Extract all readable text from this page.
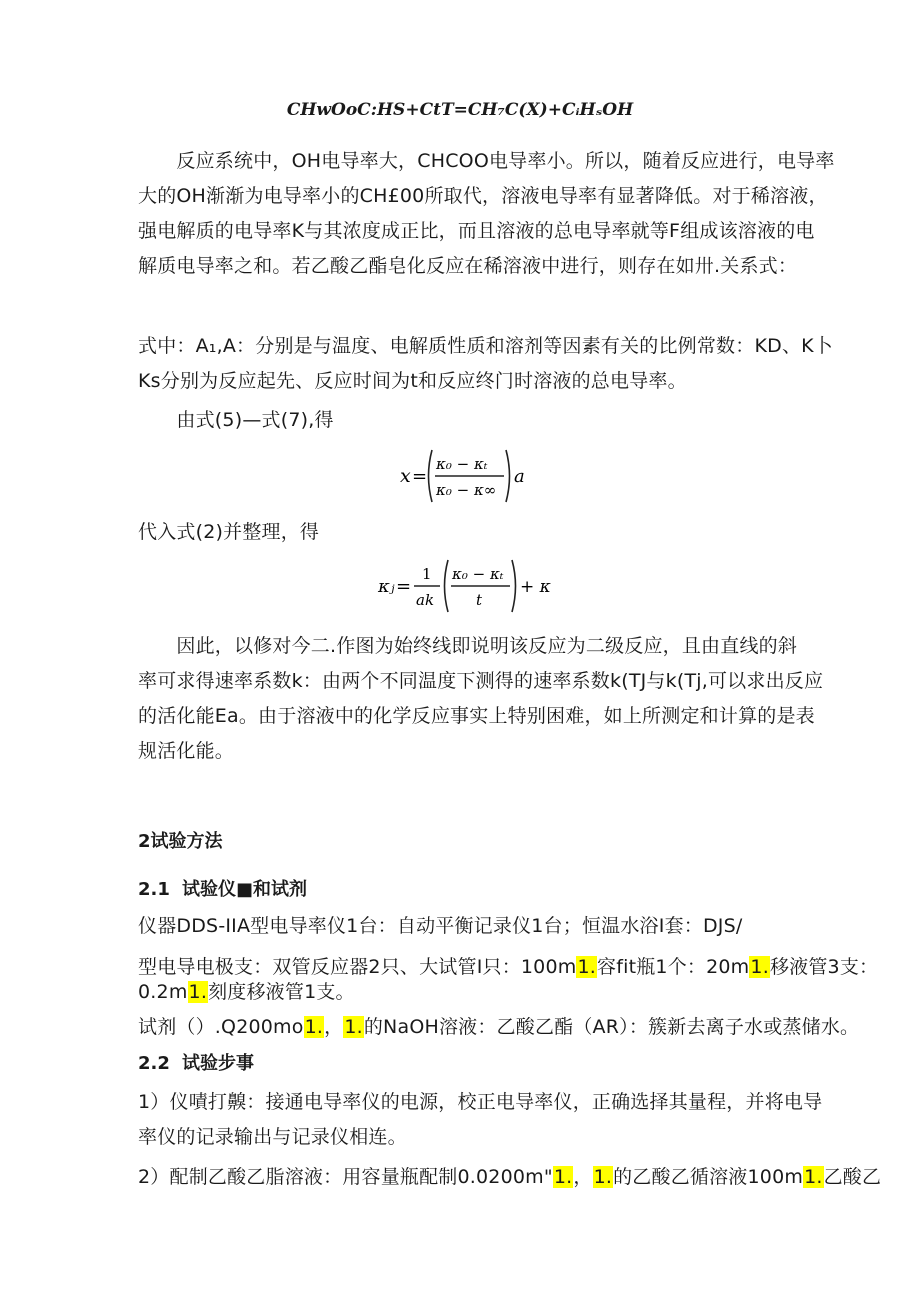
CHwOoC:HS+CtT=CH₇C(X)+CᵢHₛOH
　　反应系统中，OH电导率大，CHCOO电导率小。所以，随着反应进行，电导率
大的OH渐渐为电导率小的CH£00所取代，溶液电导率有显著降低。对于稀溶液，
强电解质的电导率K与其浓度成正比，而且溶液的总电导率就等F组成该溶液的电
解质电导率之和。若乙酸乙酯皂化反应在稀溶液中进行，则存在如卅.关系式：
式中：A₁,A：分别是与温度、电解质性质和溶剂等因素有关的比例常数：KD、K卜
Ks分别为反应起先、反应时间为t和反应终门时溶液的总电导率。
　　由式(5)—式(7),得
x =
κ₀ − κₜ
κ₀ − κ∞
a
代入式(2)并整理，得
κⱼ =
1
ak
κ₀ − κₜ
t
+ κ
　　因此，以修对今二.作图为始终线即说明该反应为二级反应，且由直线的斜
率可求得速率系数k：由两个不同温度下测得的速率系数k(TJ与k(Tj,可以求出反应
的活化能Ea。由于溶液中的化学反应事实上特别困难，如上所测定和计算的是表
规活化能。
2试验方法
2.1 试验仪■和试剂
仪器DDS-IIA型电导率仪1台：自动平衡记录仪1台；恒温水浴I套：DJS/
型电导电极支：双管反应器2只、大试管I只：100m1.容fit瓶1个：20m1.移液管3支：
0.2m1.刻度移液管1支。
试剂（）.Q200mo1.，1.的NaOH溶液：乙酸乙酯（AR）：簇新去离子水或蒸储水。
2.2 试验步事
1）仪嘖打齅：接通电导率仪的电源，校正电导率仪，正确选择其量程，并将电导
率仪的记录输出与记录仪相连。
2）配制乙酸乙脂溶液：用容量瓶配制0.0200m"1.，1.的乙酸乙循溶液100m1.乙酸乙
